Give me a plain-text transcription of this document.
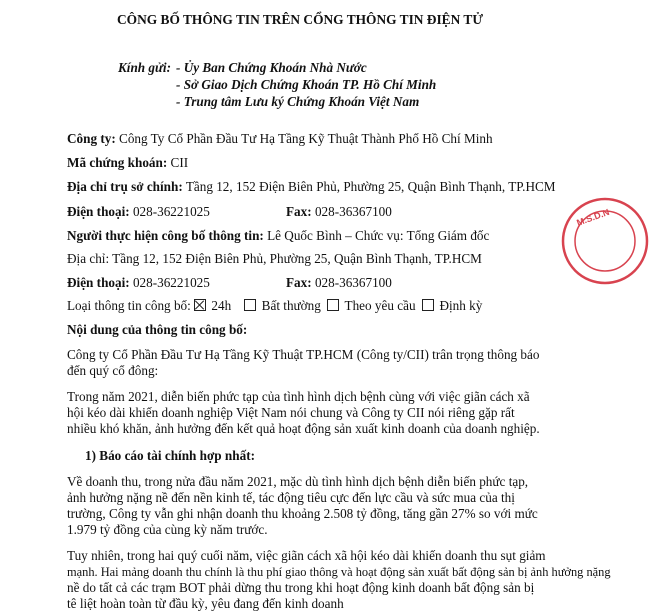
CÔNG BỐ THÔNG TIN TRÊN CỔNG THÔNG TIN ĐIỆN TỬ
Kính gửi: - Ủy Ban Chứng Khoán Nhà Nước
- Sở Giao Dịch Chứng Khoán TP. Hồ Chí Minh
- Trung tâm Lưu ký Chứng Khoán Việt Nam
Công ty: Công Ty Cổ Phần Đầu Tư Hạ Tầng Kỹ Thuật Thành Phố Hồ Chí Minh
Mã chứng khoán: CII
Địa chỉ trụ sở chính: Tầng 12, 152 Điện Biên Phủ, Phường 25, Quận Bình Thạnh, TP.HCM
Điện thoại: 028-36221025	Fax: 028-36367100
Người thực hiện công bố thông tin: Lê Quốc Bình – Chức vụ: Tổng Giám đốc
Địa chỉ: Tầng 12, 152 Điện Biên Phủ, Phường 25, Quận Bình Thạnh, TP.HCM
Điện thoại: 028-36221025	Fax: 028-36367100
Loại thông tin công bố: 24h Bất thường Theo yêu cầu Định kỳ
Nội dung của thông tin công bố:
Công ty Cổ Phần Đầu Tư Hạ Tầng Kỹ Thuật TP.HCM (Công ty/CII) trân trọng thông báo
đến quý cổ đông:
Trong năm 2021, diễn biến phức tạp của tình hình dịch bệnh cùng với việc giãn cách xã
hội kéo dài khiến doanh nghiệp Việt Nam nói chung và Công ty CII nói riêng gặp rất
nhiều khó khăn, ảnh hưởng đến kết quả hoạt động sản xuất kinh doanh của doanh nghiệp.
1) Báo cáo tài chính hợp nhất:
Về doanh thu, trong nửa đầu năm 2021, mặc dù tình hình dịch bệnh diễn biến phức tạp,
ảnh hưởng nặng nề đến nền kinh tế, tác động tiêu cực đến lực cầu và sức mua của thị
trường, Công ty vẫn ghi nhận doanh thu khoảng 2.508 tỷ đồng, tăng gần 27% so với mức
1.979 tỷ đồng của cùng kỳ năm trước.
Tuy nhiên, trong hai quý cuối năm, việc giãn cách xã hội kéo dài khiến doanh thu sụt giảm
mạnh. Hai mảng doanh thu chính là thu phí giao thông và hoạt động sản xuất bất động sản bị ảnh hưởng nặng
nề do tất cả các trạm BOT phải dừng thu trong khi hoạt động kinh doanh bất động sản bị
tê liệt hoàn toàn từ đầu kỳ, yêu đang đến kinh doanh
M.S.D.N
